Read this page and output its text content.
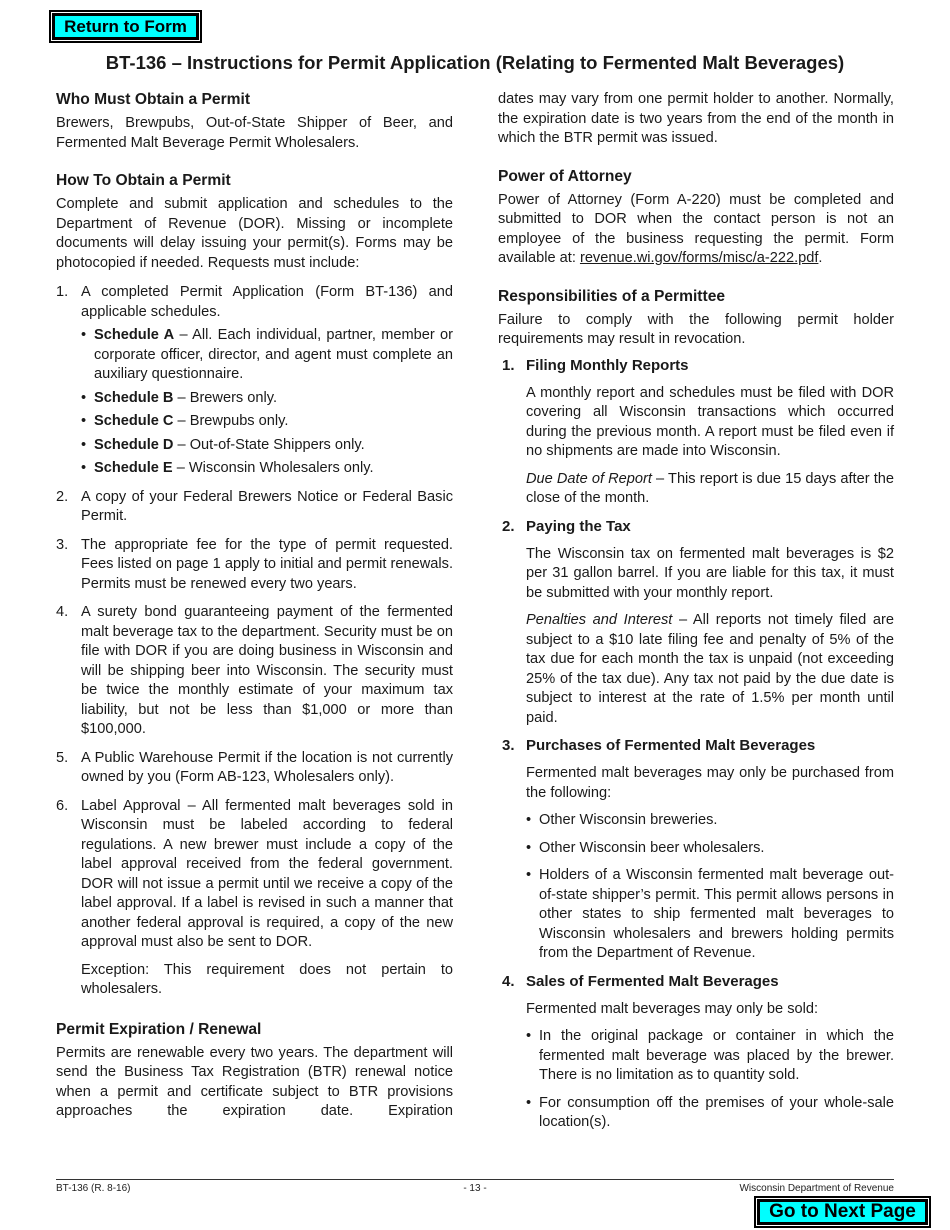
Return to Form
BT-136 – Instructions for Permit Application (Relating to Fermented Malt Beverages)
Who Must Obtain a Permit

Brewers, Brewpubs, Out-of-State Shipper of Beer, and Fermented Malt Beverage Permit Wholesalers.

How To Obtain a Permit

Complete and submit application and schedules to the Department of Revenue (DOR). Missing or incomplete documents will delay issuing your permit(s). Forms may be photocopied if needed. Requests must include:

1. A completed Permit Application (Form BT-136) and applicable schedules.
• Schedule A – All. Each individual, partner, member or corporate officer, director, and agent must complete an auxiliary questionnaire.
• Schedule B – Brewers only.
• Schedule C – Brewpubs only.
• Schedule D – Out-of-State Shippers only.
• Schedule E – Wisconsin Wholesalers only.
2. A copy of your Federal Brewers Notice or Federal Basic Permit.
3. The appropriate fee for the type of permit requested. Fees listed on page 1 apply to initial and permit renewals. Permits must be renewed every two years.
4. A surety bond guaranteeing payment of the fermented malt beverage tax to the department. Security must be on file with DOR if you are doing business in Wisconsin and will be shipping beer into Wisconsin. The security must be twice the monthly estimate of your maximum tax liability, but not be less than $1,000 or more than $100,000.
5. A Public Warehouse Permit if the location is not currently owned by you (Form AB-123, Wholesalers only).
6. Label Approval – All fermented malt beverages sold in Wisconsin must be labeled according to federal regulations. A new brewer must include a copy of the label approval received from the federal government. DOR will not issue a permit until we receive a copy of the label approval. If a label is revised in such a manner that another federal approval is required, a copy of the new approval must also be sent to DOR.

Exception: This requirement does not pertain to wholesalers.

Permit Expiration / Renewal

Permits are renewable every two years. The department will send the Business Tax Registration (BTR) renewal notice when a permit and certificate subject to BTR provisions approaches the expiration date. Expiration

dates may vary from one permit holder to another. Normally, the expiration date is two years from the end of the month in which the BTR permit was issued.

Power of Attorney

Power of Attorney (Form A-220) must be completed and submitted to DOR when the contact person is not an employee of the business requesting the permit. Form available at: revenue.wi.gov/forms/misc/a-222.pdf.

Responsibilities of a Permittee

Failure to comply with the following permit holder requirements may result in revocation.

1. Filing Monthly Reports

A monthly report and schedules must be filed with DOR covering all Wisconsin transactions which occurred during the previous month. A report must be filed even if no shipments are made into Wisconsin.

Due Date of Report – This report is due 15 days after the close of the month.

2. Paying the Tax

The Wisconsin tax on fermented malt beverages is $2 per 31 gallon barrel. If you are liable for this tax, it must be submitted with your monthly report.

Penalties and Interest – All reports not timely filed are subject to a $10 late filing fee and penalty of 5% of the tax due for each month the tax is unpaid (not exceeding 25% of the tax due). Any tax not paid by the due date is subject to interest at the rate of 1.5% per month until paid.

3. Purchases of Fermented Malt Beverages

Fermented malt beverages may only be purchased from the following:

• Other Wisconsin breweries.
• Other Wisconsin beer wholesalers.
• Holders of a Wisconsin fermented malt beverage out-of-state shipper’s permit. This permit allows persons in other states to ship fermented malt beverages to Wisconsin wholesalers and brewers holding permits from the Department of Revenue.
4. Sales of Fermented Malt Beverages

Fermented malt beverages may only be sold:

• In the original package or container in which the fermented malt beverage was placed by the brewer. There is no limitation as to quantity sold.
• For consumption off the premises of your whole-sale location(s).
BT-136 (R. 8-16)	- 13 -	Wisconsin Department of Revenue
Go to Next Page
